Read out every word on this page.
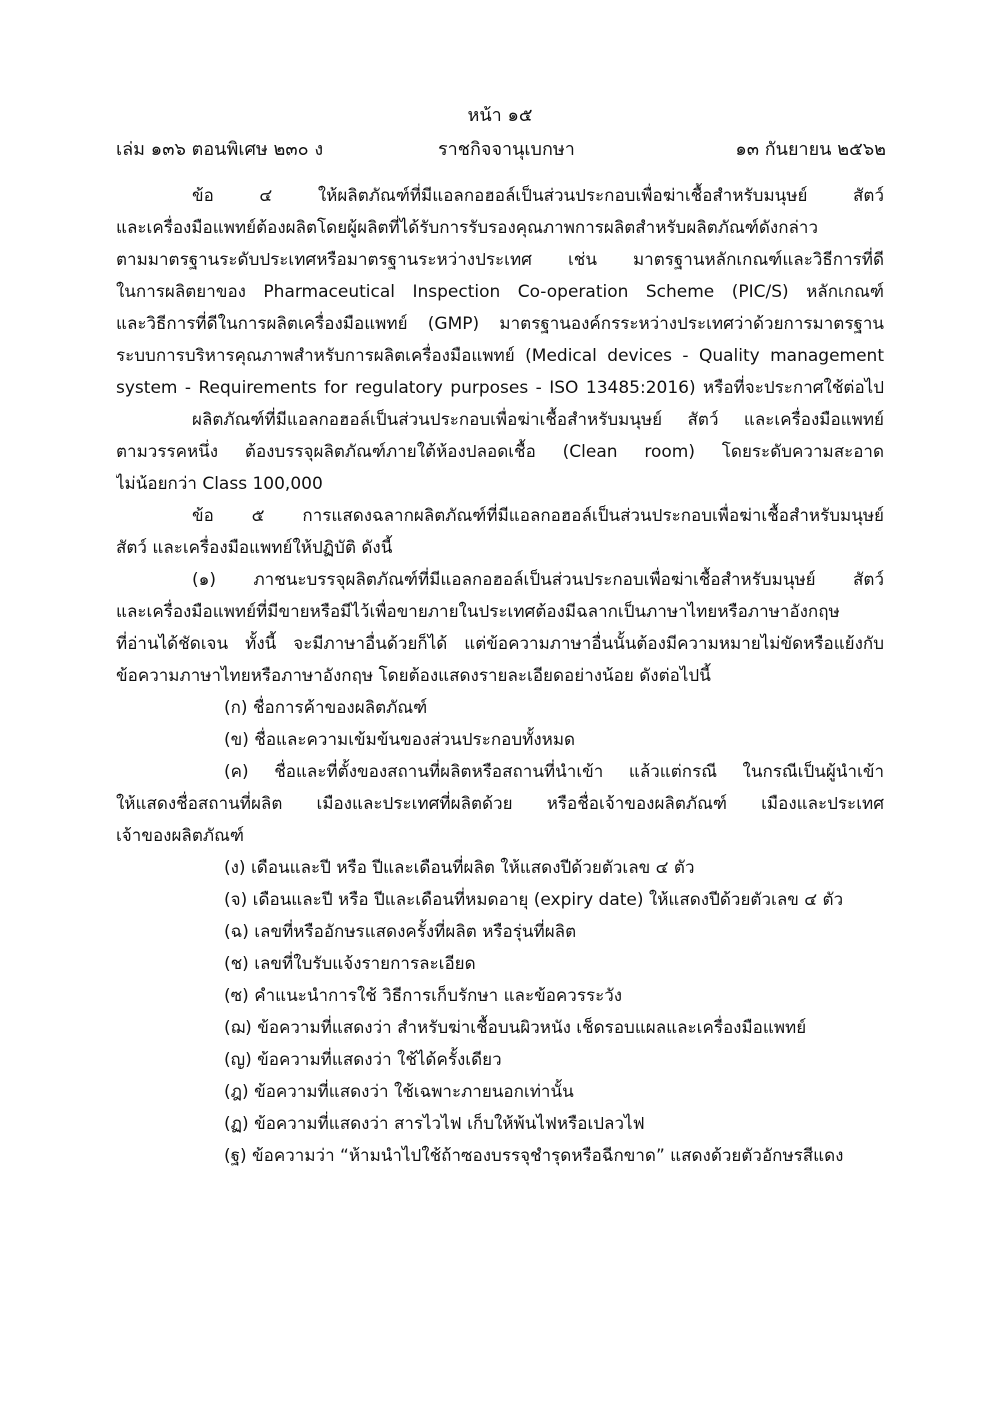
หน้า ๑๕
เล่ม ๑๓๖ ตอนพิเศษ ๒๓๐ ง	ราชกิจจานุเบกษา	๑๓ กันยายน ๒๕๖๒
ข้อ ๔ ให้ผลิตภัณฑ์ที่มีแอลกอฮอล์เป็นส่วนประกอบเพื่อฆ่าเชื้อสำหรับมนุษย์ สัตว์
และเครื่องมือแพทย์ต้องผลิตโดยผู้ผลิตที่ได้รับการรับรองคุณภาพการผลิตสำหรับผลิตภัณฑ์ดังกล่าว
ตามมาตรฐานระดับประเทศหรือมาตรฐานระหว่างประเทศ เช่น มาตรฐานหลักเกณฑ์และวิธีการที่ดี
ในการผลิตยาของ Pharmaceutical Inspection Co-operation Scheme (PIC/S) หลักเกณฑ์
และวิธีการที่ดีในการผลิตเครื่องมือแพทย์ (GMP) มาตรฐานองค์กรระหว่างประเทศว่าด้วยการมาตรฐาน
ระบบการบริหารคุณภาพสำหรับการผลิตเครื่องมือแพทย์ (Medical devices - Quality management
system - Requirements for regulatory purposes - ISO 13485:2016) หรือที่จะประกาศใช้ต่อไป
ผลิตภัณฑ์ที่มีแอลกอฮอล์เป็นส่วนประกอบเพื่อฆ่าเชื้อสำหรับมนุษย์ สัตว์ และเครื่องมือแพทย์
ตามวรรคหนึ่ง ต้องบรรจุผลิตภัณฑ์ภายใต้ห้องปลอดเชื้อ (Clean room) โดยระดับความสะอาด
ไม่น้อยกว่า Class 100,000
ข้อ ๕ การแสดงฉลากผลิตภัณฑ์ที่มีแอลกอฮอล์เป็นส่วนประกอบเพื่อฆ่าเชื้อสำหรับมนุษย์
สัตว์ และเครื่องมือแพทย์ให้ปฏิบัติ ดังนี้
(๑) ภาชนะบรรจุผลิตภัณฑ์ที่มีแอลกอฮอล์เป็นส่วนประกอบเพื่อฆ่าเชื้อสำหรับมนุษย์ สัตว์
และเครื่องมือแพทย์ที่มีขายหรือมีไว้เพื่อขายภายในประเทศต้องมีฉลากเป็นภาษาไทยหรือภาษาอังกฤษ
ที่อ่านได้ชัดเจน ทั้งนี้ จะมีภาษาอื่นด้วยก็ได้ แต่ข้อความภาษาอื่นนั้นต้องมีความหมายไม่ขัดหรือแย้งกับ
ข้อความภาษาไทยหรือภาษาอังกฤษ โดยต้องแสดงรายละเอียดอย่างน้อย ดังต่อไปนี้
(ก) ชื่อการค้าของผลิตภัณฑ์
(ข) ชื่อและความเข้มข้นของส่วนประกอบทั้งหมด
(ค) ชื่อและที่ตั้งของสถานที่ผลิตหรือสถานที่นำเข้า แล้วแต่กรณี ในกรณีเป็นผู้นำเข้า
ให้แสดงชื่อสถานที่ผลิต เมืองและประเทศที่ผลิตด้วย หรือชื่อเจ้าของผลิตภัณฑ์ เมืองและประเทศ
เจ้าของผลิตภัณฑ์
(ง) เดือนและปี หรือ ปีและเดือนที่ผลิต ให้แสดงปีด้วยตัวเลข ๔ ตัว
(จ) เดือนและปี หรือ ปีและเดือนที่หมดอายุ (expiry date) ให้แสดงปีด้วยตัวเลข ๔ ตัว
(ฉ) เลขที่หรืออักษรแสดงครั้งที่ผลิต หรือรุ่นที่ผลิต
(ช) เลขที่ใบรับแจ้งรายการละเอียด
(ซ) คำแนะนำการใช้ วิธีการเก็บรักษา และข้อควรระวัง
(ฌ) ข้อความที่แสดงว่า สำหรับฆ่าเชื้อบนผิวหนัง เช็ดรอบแผลและเครื่องมือแพทย์
(ญ) ข้อความที่แสดงว่า ใช้ได้ครั้งเดียว
(ฎ) ข้อความที่แสดงว่า ใช้เฉพาะภายนอกเท่านั้น
(ฏ) ข้อความที่แสดงว่า สารไวไฟ เก็บให้พ้นไฟหรือเปลวไฟ
(ฐ) ข้อความว่า “ห้ามนำไปใช้ถ้าซองบรรจุชำรุดหรือฉีกขาด” แสดงด้วยตัวอักษรสีแดง
